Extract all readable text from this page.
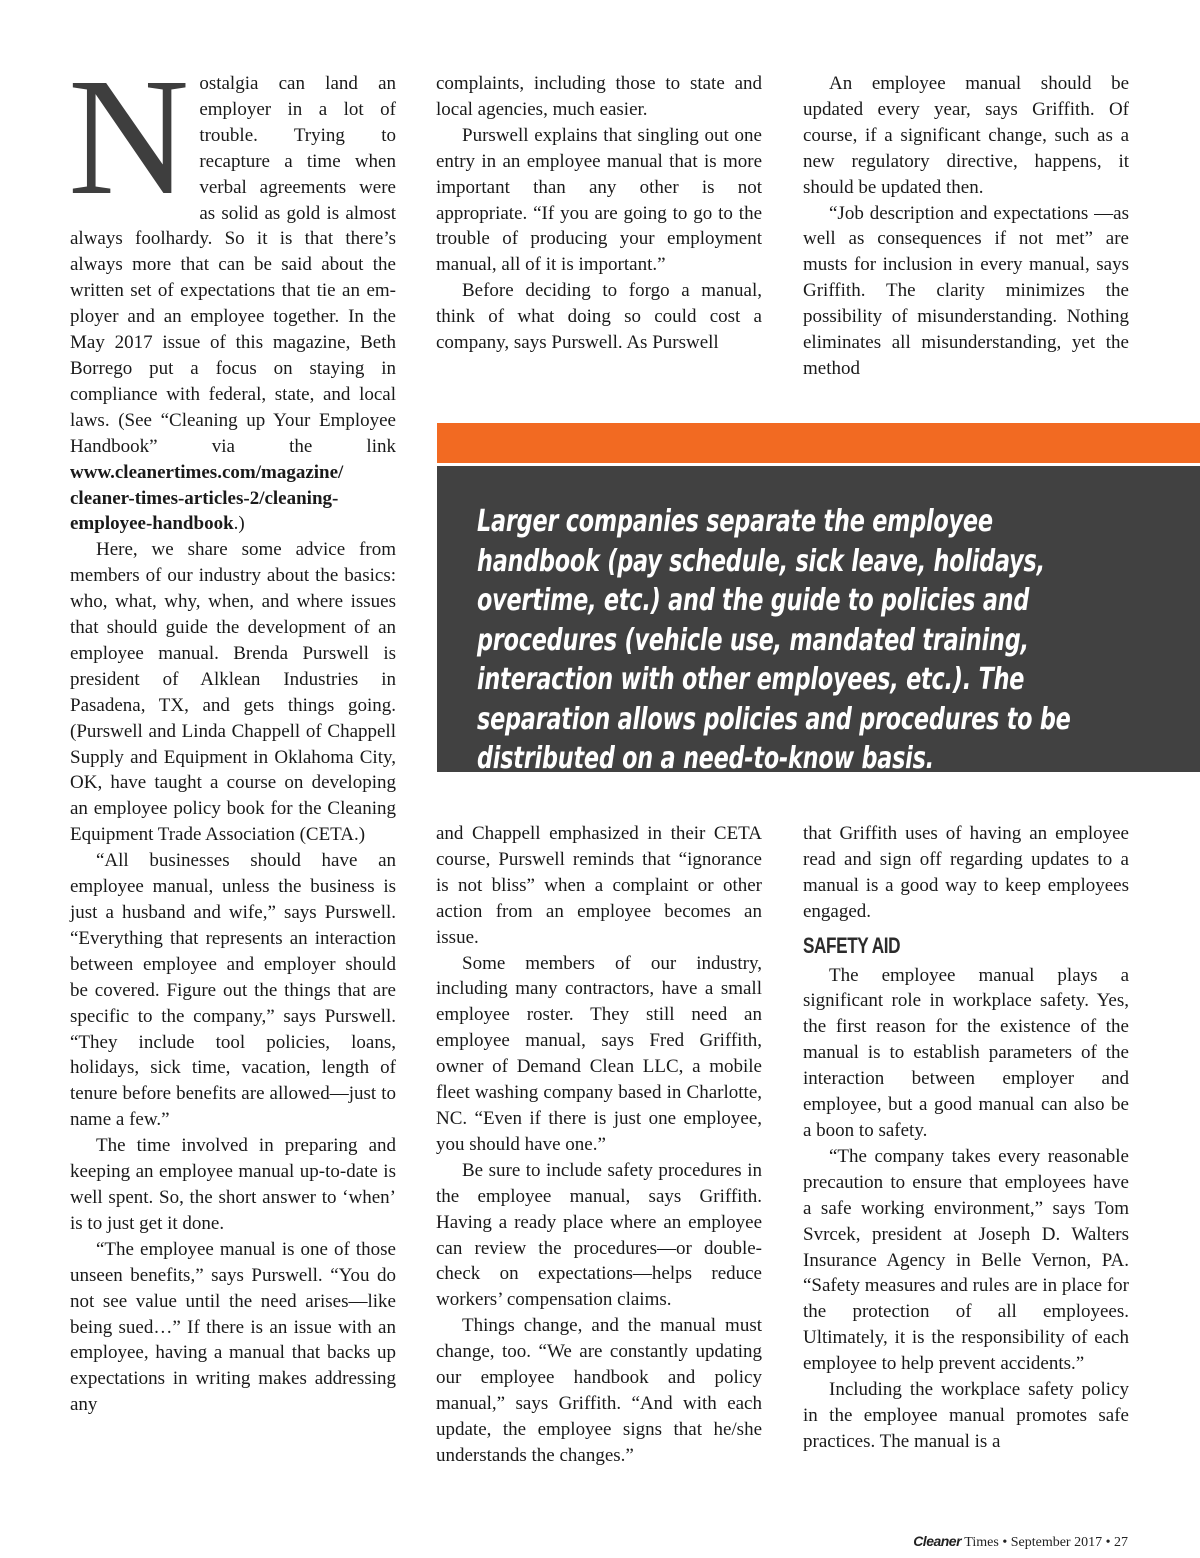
Nostalgia can land an employer in a lot of trouble. Trying to recapture a time when verbal agreements were as solid as gold is almost always foolhardy. So it is that there’s always more that can be said about the written set of expectations that tie an employer and an employee together. In the May 2017 issue of this magazine, Beth Borrego put a focus on staying in compliance with federal, state, and local laws. (See “Cleaning up Your Employee Handbook” via the link www.cleanertimes.com/magazine/ cleaner-times-articles-2/cleaning-employee-handbook.)

Here, we share some advice from members of our industry about the basics: who, what, why, when, and where issues that should guide the development of an employee manual. Brenda Purswell is president of Alklean Industries in Pasadena, TX, and gets things going. (Purswell and Linda Chappell of Chappell Supply and Equipment in Oklahoma City, OK, have taught a course on developing an employee policy book for the Cleaning Equipment Trade Association (CETA.)

“All businesses should have an employee manual, unless the business is just a husband and wife,” says Purswell. “Everything that represents an interaction between employee and employer should be covered. Figure out the things that are specific to the company,” says Purswell. “They include tool policies, loans, holidays, sick time, vacation, length of tenure before benefits are allowed—just to name a few.”

The time involved in preparing and keeping an employee manual up-to-date is well spent. So, the short answer to ‘when’ is to just get it done.

“The employee manual is one of those unseen benefits,” says Purswell. “You do not see value until the need arises—like being sued…” If there is an issue with an employee, having a manual that backs up expectations in writing makes addressing any

complaints, including those to state and local agencies, much easier.

Purswell explains that singling out one entry in an employee manual that is more important than any other is not appropriate. “If you are going to go to the trouble of producing your employment manual, all of it is important.”

Before deciding to forgo a manual, think of what doing so could cost a company, says Purswell. As Purswell

An employee manual should be updated every year, says Griffith. Of course, if a significant change, such as a new regulatory directive, happens, it should be updated then.

“Job description and expectations —as well as consequences if not met” are musts for inclusion in every manual, says Griffith. The clarity minimizes the possibility of misunderstanding. Nothing eliminates all misunderstanding, yet the method

Larger companies separate the employee handbook (pay schedule, sick leave, holidays, overtime, etc.) and the guide to policies and procedures (vehicle use, mandated training, interaction with other employees, etc.). The separation allows policies and procedures to be distributed on a need-to-know basis.

and Chappell emphasized in their CETA course, Purswell reminds that “ignorance is not bliss” when a complaint or other action from an employee becomes an issue.

Some members of our industry, including many contractors, have a small employee roster. They still need an employee manual, says Fred Griffith, owner of Demand Clean LLC, a mobile fleet washing company based in Charlotte, NC. “Even if there is just one employee, you should have one.”

Be sure to include safety procedures in the employee manual, says Griffith. Having a ready place where an employee can review the procedures—or double-check on expectations—helps reduce workers’ compensation claims.

Things change, and the manual must change, too. “We are constantly updating our employee handbook and policy manual,” says Griffith. “And with each update, the employee signs that he/she understands the changes.”

that Griffith uses of having an employee read and sign off regarding updates to a manual is a good way to keep employees engaged.

SAFETY AID

The employee manual plays a significant role in workplace safety. Yes, the first reason for the existence of the manual is to establish parameters of the interaction between employer and employee, but a good manual can also be a boon to safety.

“The company takes every reasonable precaution to ensure that employees have a safe working environment,” says Tom Svrcek, president at Joseph D. Walters Insurance Agency in Belle Vernon, PA. “Safety measures and rules are in place for the protection of all employees. Ultimately, it is the responsibility of each employee to help prevent accidents.”

Including the workplace safety policy in the employee manual promotes safe practices. The manual is a

Cleaner Times • September 2017 • 27
